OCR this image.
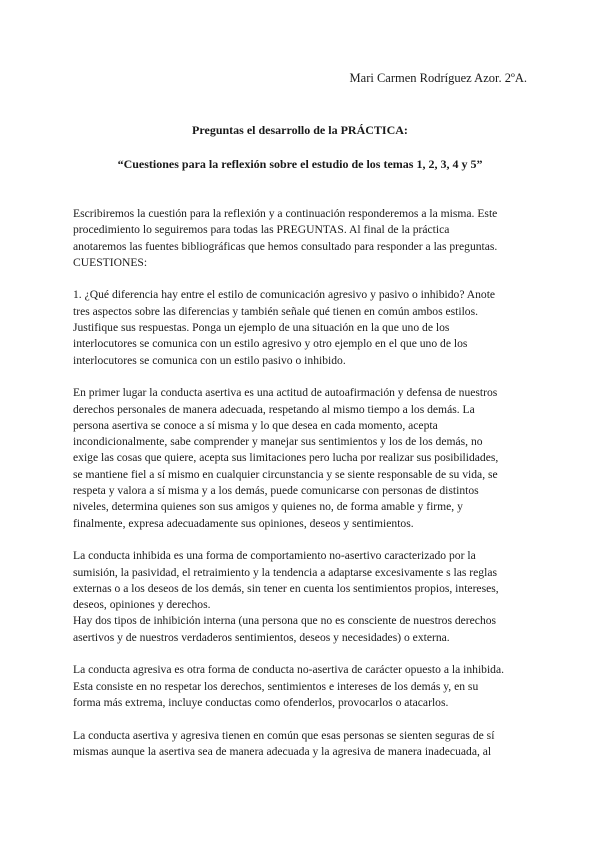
Mari Carmen Rodríguez Azor. 2ºA.
Preguntas el desarrollo de la PRÁCTICA:
“Cuestiones para la reflexión sobre el estudio de los temas 1, 2, 3, 4 y 5”

Escribiremos la cuestión para la reflexión y a continuación responderemos a la misma. Este
procedimiento lo seguiremos para todas las PREGUNTAS. Al final de la práctica
anotaremos las fuentes bibliográficas que hemos consultado para responder a las preguntas.
CUESTIONES:

1. ¿Qué diferencia hay entre el estilo de comunicación agresivo y pasivo o inhibido? Anote
tres aspectos sobre las diferencias y también señale qué tienen en común ambos estilos.
Justifique sus respuestas. Ponga un ejemplo de una situación en la que uno de los
interlocutores se comunica con un estilo agresivo y otro ejemplo en el que uno de los
interlocutores se comunica con un estilo pasivo o inhibido.

En primer lugar la conducta asertiva es una actitud de autoafirmación y defensa de nuestros
derechos personales de manera adecuada, respetando al mismo tiempo a los demás. La
persona asertiva se conoce a sí misma y lo que desea en cada momento, acepta
incondicionalmente, sabe comprender y manejar sus sentimientos y los de los demás, no
exige las cosas que quiere, acepta sus limitaciones pero lucha por realizar sus posibilidades,
se mantiene fiel a sí mismo en cualquier circunstancia y se siente responsable de su vida, se
respeta y valora a sí misma y a los demás, puede comunicarse con personas de distintos
niveles, determina quienes son sus amigos y quienes no, de forma amable y firme, y
finalmente, expresa adecuadamente sus opiniones, deseos y sentimientos.

La conducta inhibida es una forma de comportamiento no-asertivo caracterizado por la
sumisión, la pasividad, el retraimiento y la tendencia a adaptarse excesivamente s las reglas
externas o a los deseos de los demás, sin tener en cuenta los sentimientos propios, intereses,
deseos, opiniones y derechos.

Hay dos tipos de inhibición interna (una persona que no es consciente de nuestros derechos
asertivos y de nuestros verdaderos sentimientos, deseos y necesidades) o externa.

La conducta agresiva es otra forma de conducta no-asertiva de carácter opuesto a la inhibida.
Esta consiste en no respetar los derechos, sentimientos e intereses de los demás y, en su
forma más extrema, incluye conductas como ofenderlos, provocarlos o atacarlos.

La conducta asertiva y agresiva tienen en común que esas personas se sienten seguras de sí
mismas aunque la asertiva sea de manera adecuada y la agresiva de manera inadecuada, al
